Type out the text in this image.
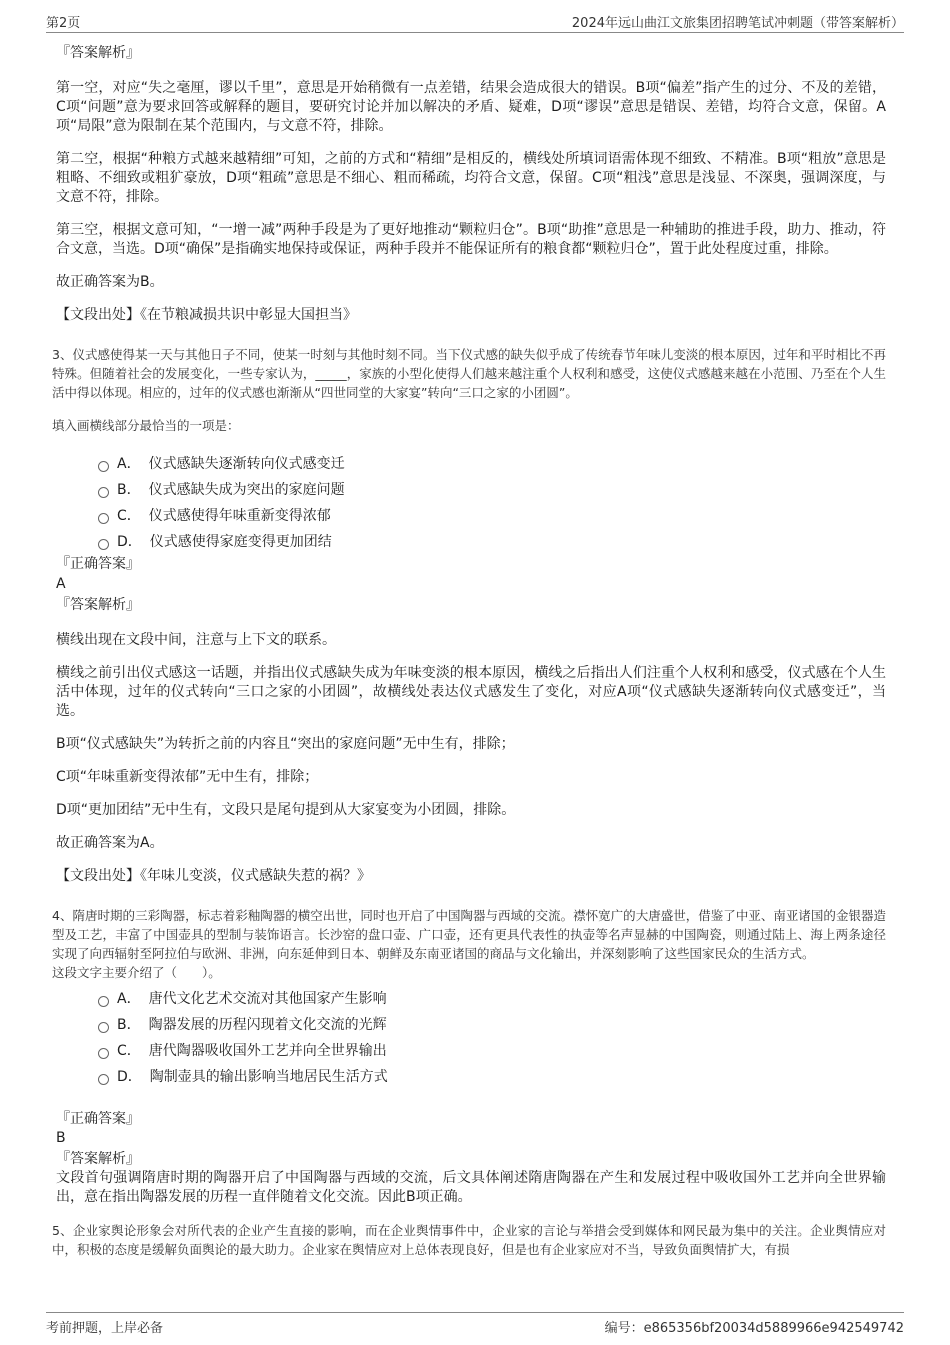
第2页	2024年远山曲江文旅集团招聘笔试冲刺题（带答案解析）

『答案解析』

第一空，对应“失之毫厘，谬以千里”，意思是开始稍微有一点差错，结果会造成很大的错误。B项“偏差”指产生的过分、不及的差错，C项“问题”意为要求回答或解释的题目，要研究讨论并加以解决的矛盾、疑难，D项“谬误”意思是错误、差错，均符合文意，保留。A项“局限”意为限制在某个范围内，与文意不符，排除。

第二空，根据“种粮方式越来越精细”可知，之前的方式和“精细”是相反的，横线处所填词语需体现不细致、不精准。B项“粗放”意思是粗略、不细致或粗犷豪放，D项“粗疏”意思是不细心、粗而稀疏，均符合文意，保留。C项“粗浅”意思是浅显、不深奥，强调深度，与文意不符，排除。

第三空，根据文意可知，“一增一减”两种手段是为了更好地推动“颗粒归仓”。B项“助推”意思是一种辅助的推进手段，助力、推动，符合文意，当选。D项“确保”是指确实地保持或保证，两种手段并不能保证所有的粮食都“颗粒归仓”，置于此处程度过重，排除。

故正确答案为B。

【文段出处】《在节粮减损共识中彰显大国担当》

3、仪式感使得某一天与其他日子不同，使某一时刻与其他时刻不同。当下仪式感的缺失似乎成了传统春节年味儿变淡的根本原因，过年和平时相比不再特殊。但随着社会的发展变化，一些专家认为，_____，家族的小型化使得人们越来越注重个人权利和感受，这使仪式感越来越在小范围、乃至在个人生活中得以体现。相应的，过年的仪式感也渐渐从“四世同堂的大家宴”转向“三口之家的小团圆”。

填入画横线部分最恰当的一项是：

A． 仪式感缺失逐渐转向仪式感变迁
B． 仪式感缺失成为突出的家庭问题
C． 仪式感使得年味重新变得浓郁
D． 仪式感使得家庭变得更加团结

『正确答案』

A

『答案解析』

横线出现在文段中间，注意与上下文的联系。

横线之前引出仪式感这一话题，并指出仪式感缺失成为年味变淡的根本原因，横线之后指出人们注重个人权利和感受，仪式感在个人生活中体现，过年的仪式转向“三口之家的小团圆”，故横线处表达仪式感发生了变化，对应A项“仪式感缺失逐渐转向仪式感变迁”，当选。

B项“仪式感缺失”为转折之前的内容且“突出的家庭问题”无中生有，排除；

C项“年味重新变得浓郁”无中生有，排除；

D项“更加团结”无中生有，文段只是尾句提到从大家宴变为小团圆，排除。

故正确答案为A。

【文段出处】《年味儿变淡，仪式感缺失惹的祸？》

4、隋唐时期的三彩陶器，标志着彩釉陶器的横空出世，同时也开启了中国陶器与西域的交流。襟怀宽广的大唐盛世，借鉴了中亚、南亚诸国的金银器造型及工艺，丰富了中国壶具的型制与装饰语言。长沙窑的盘口壶、广口壶，还有更具代表性的执壶等名声显赫的中国陶瓷，则通过陆上、海上两条途径实现了向西辐射至阿拉伯与欧洲、非洲，向东延伸到日本、朝鲜及东南亚诸国的商品与文化输出，并深刻影响了这些国家民众的生活方式。

这段文字主要介绍了（　　）。

A． 唐代文化艺术交流对其他国家产生影响
B． 陶器发展的历程闪现着文化交流的光辉
C． 唐代陶器吸收国外工艺并向全世界输出
D． 陶制壶具的输出影响当地居民生活方式

『正确答案』

B

『答案解析』

文段首句强调隋唐时期的陶器开启了中国陶器与西域的交流，后文具体阐述隋唐陶器在产生和发展过程中吸收国外工艺并向全世界输出，意在指出陶器发展的历程一直伴随着文化交流。因此B项正确。

5、企业家舆论形象会对所代表的企业产生直接的影响，而在企业舆情事件中，企业家的言论与举措会受到媒体和网民最为集中的关注。企业舆情应对中，积极的态度是缓解负面舆论的最大助力。企业家在舆情应对上总体表现良好，但是也有企业家应对不当，导致负面舆情扩大，有损

考前押题，上岸必备	编号：e865356bf20034d5889966e942549742
